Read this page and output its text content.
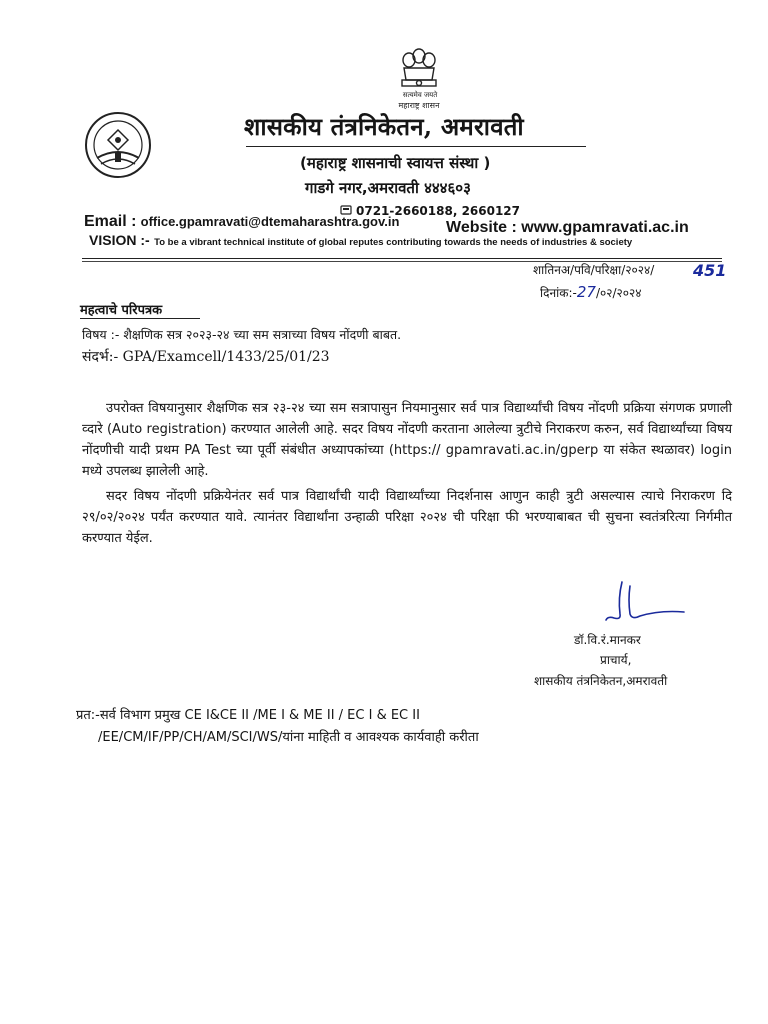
सत्यमेव जयते
महाराष्ट्र शासन
शासकीय तंत्रनिकेतन, अमरावती
(महाराष्ट्र शासनाची स्वायत्त संस्था )
गाडगे नगर,अमरावती ४४४६०३
0721-2660188, 2660127
Email : office.gpamravati@dtemaharashtra.gov.in	Website : www.gpamravati.ac.in
VISION :- To be a vibrant technical institute of global reputes contributing towards the needs of industries & society
शातिनअ/पवि/परिक्षा/२०२४/ 451
दिनांक:-27/०२/२०२४
महत्वाचे परिपत्रक
विषय :- शैक्षणिक सत्र २०२३-२४ च्या सम सत्राच्या विषय नोंदणी बाबत.
संदर्भ:- GPA/Examcell/1433/25/01/23
उपरोक्त विषयानुसार शैक्षणिक सत्र २३-२४ च्या सम सत्रापासुन नियमानुसार सर्व पात्र विद्यार्थ्यांची विषय नोंदणी प्रक्रिया संगणक प्रणाली व्दारे (Auto registration) करण्यात आलेली आहे. सदर विषय नोंदणी करताना आलेल्या त्रुटीचे निराकरण करुन, सर्व विद्यार्थ्यांच्या विषय नोंदणीची यादी प्रथम PA Test च्या पूर्वी संबंधीत अध्यापकांच्या (https:// gpamravati.ac.in/gperp या संकेत स्थळावर) login मध्ये उपलब्ध झालेली आहे.
सदर विषय नोंदणी प्रक्रियेनंतर सर्व पात्र विद्यार्थांची यादी विद्यार्थ्यांच्या निदर्शनास आणुन काही त्रुटी असल्यास त्याचे निराकरण दि २९/०२/२०२४ पर्यंत करण्यात यावे. त्यानंतर विद्यार्थांना उन्हाळी परिक्षा २०२४ ची परिक्षा फी भरण्याबाबत ची सुचना स्वतंत्ररित्या निर्गमीत करण्यात येईल.
डॉ.वि.रं.मानकर
प्राचार्य,
शासकीय तंत्रनिकेतन,अमरावती
प्रत:-सर्व विभाग प्रमुख CE I&CE II /ME I & ME II / EC I & EC II
/EE/CM/IF/PP/CH/AM/SCI/WS/यांना माहिती व आवश्यक कार्यवाही करीता
